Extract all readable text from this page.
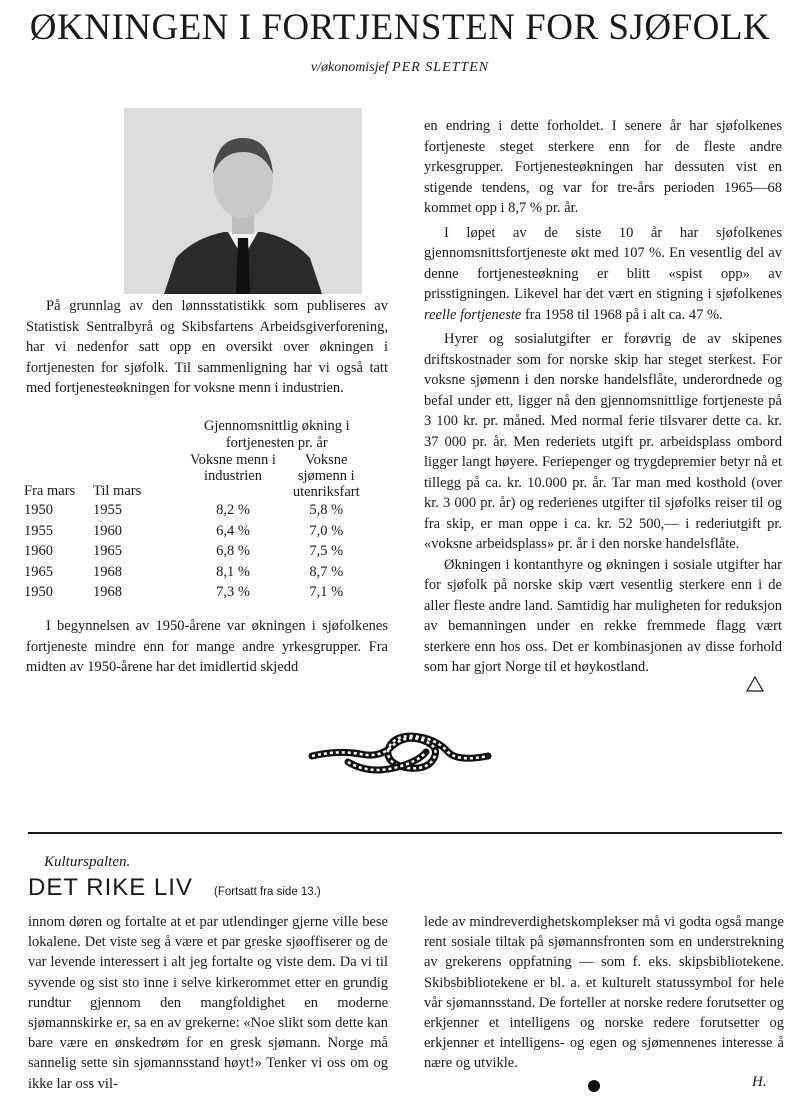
ØKNINGEN I FORTJENSTEN FOR SJØFOLK
v/økonomisjef PER SLETTEN

På grunnlag av den lønnsstatistikk som publiseres av Statistisk Sentralbyrå og Skibsfartens Arbeidsgiverforening, har vi nedenfor satt opp en oversikt over økningen i fortjenesten for sjøfolk. Til sammenligning har vi også tatt med fortjenesteøkningen for voksne menn i industrien.

		Gjennomsnittlig økning i fortjenesten pr. år	
Fra mars	Til mars	Voksne menn i industrien	Voksne sjømenn i utenriksfart
1950	1955	8,2 %	5,8 %
1955	1960	6,4 %	7,0 %
1960	1965	6,8 %	7,5 %
1965	1968	8,1 %	8,7 %
1950	1968	7,3 %	7,1 %

I begynnelsen av 1950-årene var økningen i sjøfolkenes fortjeneste mindre enn for mange andre yrkesgrupper. Fra midten av 1950-årene har det imidlertid skjedd

en endring i dette forholdet. I senere år har sjøfolkenes fortjeneste steget sterkere enn for de fleste andre yrkesgrupper. Fortjenesteøkningen har dessuten vist en stigende tendens, og var for tre-års perioden 1965—68 kommet opp i 8,7 % pr. år.

I løpet av de siste 10 år har sjøfolkenes gjennomsnittsfortjeneste økt med 107 %. En vesentlig del av denne fortjenesteøkning er blitt «spist opp» av prisstigningen. Likevel har det vært en stigning i sjøfolkenes reelle fortjeneste fra 1958 til 1968 på i alt ca. 47 %.

Hyrer og sosialutgifter er forøvrig de av skipenes driftskostnader som for norske skip har steget sterkest. For voksne sjømenn i den norske handelsflåte, underordnede og befal under ett, ligger nå den gjennomsnittlige fortjeneste på 3 100 kr. pr. måned. Med normal ferie tilsvarer dette ca. kr. 37 000 pr. år. Men rederiets utgift pr. arbeidsplass ombord ligger langt høyere. Feriepenger og trygdepremier betyr nå et tillegg på ca. kr. 10.000 pr. år. Tar man med kosthold (over kr. 3 000 pr. år) og rederienes utgifter til sjøfolks reiser til og fra skip, er man oppe i ca. kr. 52 500,— i rederiutgift pr. «voksne arbeidsplass» pr. år i den norske handelsflåte.

Økningen i kontanthyre og økningen i sosiale utgifter har for sjøfolk på norske skip vært vesentlig sterkere enn i de aller fleste andre land. Samtidig har muligheten for reduksjon av bemanningen under en rekke fremmede flagg vært sterkere enn hos oss. Det er kombinasjonen av disse forhold som har gjort Norge til et høykostland.

Kulturspalten.
DET RIKE LIV (Fortsatt fra side 13.)

innom døren og fortalte at et par utlendinger gjerne ville bese lokalene. Det viste seg å være et par greske sjøoffiserer og de var levende interessert i alt jeg fortalte og viste dem. Da vi til syvende og sist sto inne i selve kirkerommet etter en grundig rundtur gjennom den mangfoldighet en moderne sjømannskirke er, sa en av grekerne: «Noe slikt som dette kan bare være en ønskedrøm for en gresk sjømann. Norge må sannelig sette sin sjømannsstand høyt!» Tenker vi oss om og ikke lar oss vil-

lede av mindreverdighetskomplekser må vi godta også mange rent sosiale tiltak på sjømannsfronten som en understrekning av grekerens oppfatning — som f. eks. skipsbibliotekene. Skibsbibliotekene er bl. a. et kulturelt statussymbol for hele vår sjømannsstand. De forteller at norske redere forutsetter og erkjenner et intelligens og norske redere forutsetter og erkjenner et intelligens- og egen og sjømennenes interesse å nære og utvikle.

H.
